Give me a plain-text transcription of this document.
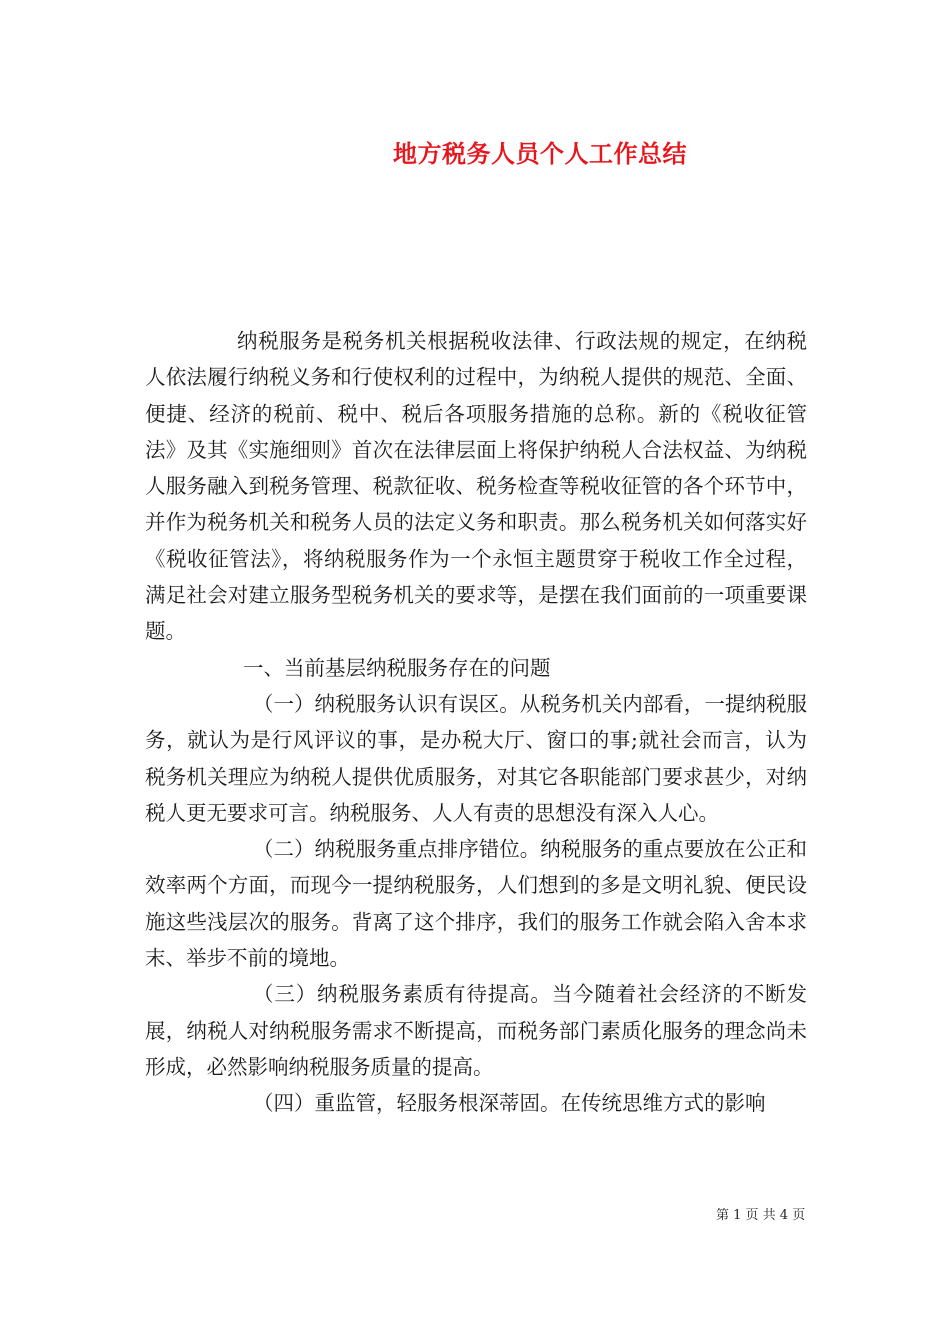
地方税务人员个人工作总结

纳税服务是税务机关根据税收法律、行政法规的规定，在纳税人依法履行纳税义务和行使权利的过程中，为纳税人提供的规范、全面、便捷、经济的税前、税中、税后各项服务措施的总称。新的《税收征管法》及其《实施细则》首次在法律层面上将保护纳税人合法权益、为纳税人服务融入到税务管理、税款征收、税务检查等税收征管的各个环节中，并作为税务机关和税务人员的法定义务和职责。那么税务机关如何落实好《税收征管法》，将纳税服务作为一个永恒主题贯穿于税收工作全过程，满足社会对建立服务型税务机关的要求等，是摆在我们面前的一项重要课题。

一、当前基层纳税服务存在的问题

（一）纳税服务认识有误区。从税务机关内部看，一提纳税服务，就认为是行风评议的事，是办税大厅、窗口的事;就社会而言，认为税务机关理应为纳税人提供优质服务，对其它各职能部门要求甚少，对纳税人更无要求可言。纳税服务、人人有责的思想没有深入人心。

（二）纳税服务重点排序错位。纳税服务的重点要放在公正和效率两个方面，而现今一提纳税服务，人们想到的多是文明礼貌、便民设施这些浅层次的服务。背离了这个排序，我们的服务工作就会陷入舍本求末、举步不前的境地。

（三）纳税服务素质有待提高。当今随着社会经济的不断发展，纳税人对纳税服务需求不断提高，而税务部门素质化服务的理念尚未形成，必然影响纳税服务质量的提高。

（四）重监管，轻服务根深蒂固。在传统思维方式的影响

第 1 页 共 4 页
